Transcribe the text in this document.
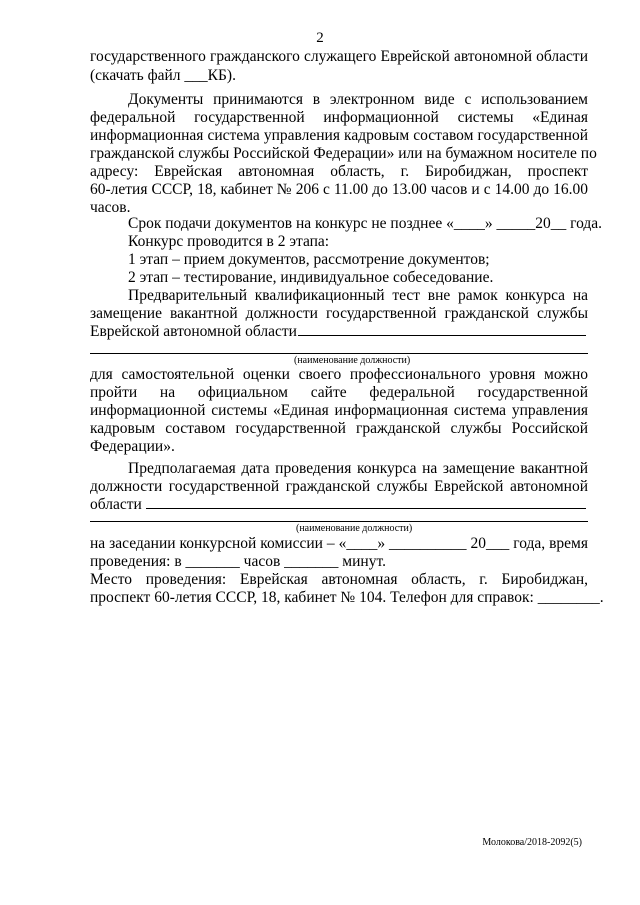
2
государственного гражданского служащего Еврейской автономной области
(скачать файл ___КБ).
Документы принимаются в электронном виде с использованием
федеральной государственной информационной системы «Единая
информационная система управления кадровым составом государственной
гражданской службы Российской Федерации» или на бумажном носителе по
адресу: Еврейская автономная область, г. Биробиджан, проспект
60-летия СССР, 18, кабинет № 206 с 11.00 до 13.00 часов и с 14.00 до 16.00
часов.
Срок подачи документов на конкурс не позднее «____» _____20__ года.
Конкурс проводится в 2 этапа:
1 этап – прием документов, рассмотрение документов;
2 этап – тестирование, индивидуальное собеседование.
Предварительный квалификационный тест вне рамок конкурса на
замещение вакантной должности государственной гражданской службы
Еврейской автономной области
(наименование должности)
для самостоятельной оценки своего профессионального уровня можно
пройти на официальном сайте федеральной государственной
информационной системы «Единая информационная система управления
кадровым составом государственной гражданской службы Российской
Федерации».
Предполагаемая дата проведения конкурса на замещение вакантной
должности государственной гражданской службы Еврейской автономной
области
(наименование должности)
на заседании конкурсной комиссии – «____» __________ 20___ года, время
проведения: в _______ часов _______ минут.
Место проведения: Еврейская автономная область, г. Биробиджан,
проспект 60-летия СССР, 18, кабинет № 104. Телефон для справок: ________.
Молокова/2018-2092(5)
